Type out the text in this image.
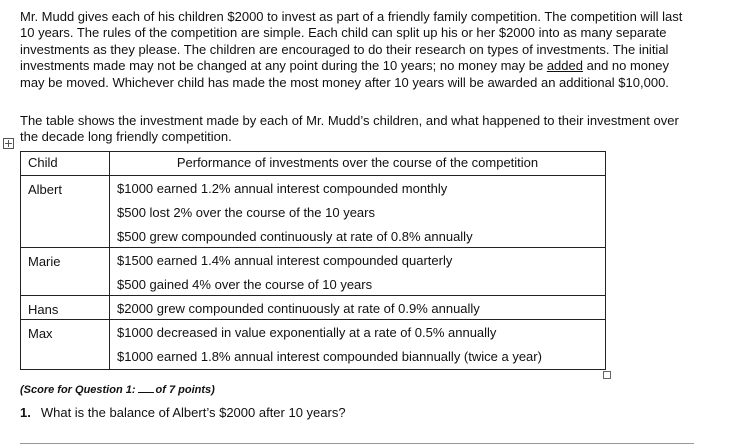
Mr. Mudd gives each of his children $2000 to invest as part of a friendly family competition. The competition will last 10 years. The rules of the competition are simple. Each child can split up his or her $2000 into as many separate investments as they please. The children are encouraged to do their research on types of investments. The initial investments made may not be changed at any point during the 10 years; no money may be added and no money may be moved. Whichever child has made the most money after 10 years will be awarded an additional $10,000.

The table shows the investment made by each of Mr. Mudd’s children, and what happened to their investment over the decade long friendly competition.

Child	Performance of investments over the course of the competition
Albert	$1000 earned 1.2% annual interest compounded monthly
	$500 lost 2% over the course of the 10 years
	$500 grew compounded continuously at rate of 0.8% annually
Marie	$1500 earned 1.4% annual interest compounded quarterly
	$500 gained 4% over the course of 10 years
Hans	$2000 grew compounded continuously at rate of 0.9% annually
Max	$1000 decreased in value exponentially at a rate of 0.5% annually
	$1000 earned 1.8% annual interest compounded biannually (twice a year)
(Score for Question 1: of 7 points)
1. What is the balance of Albert’s $2000 after 10 years?
